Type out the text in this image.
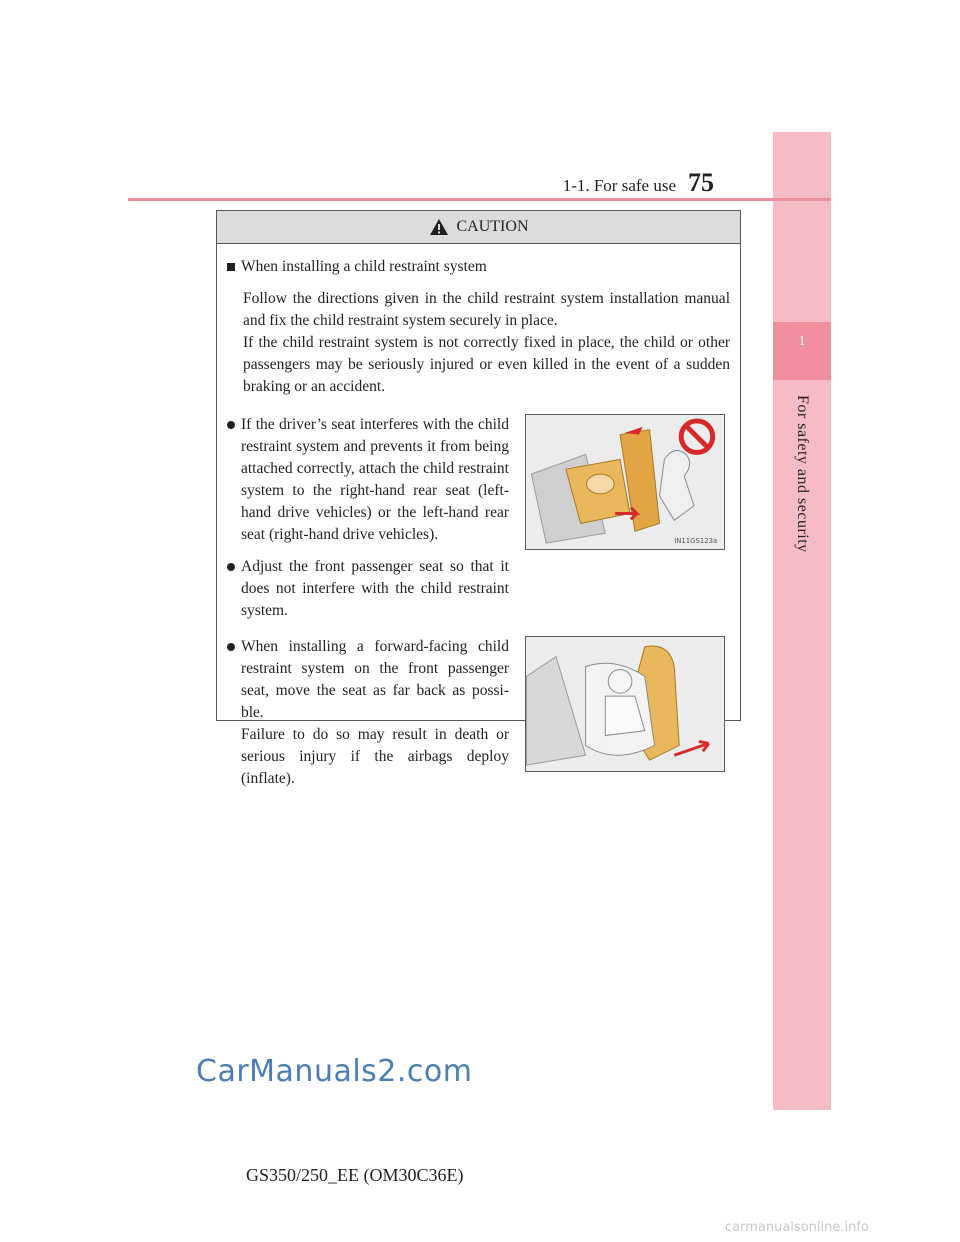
1
For safety and security
1-1. For safe use 75
CAUTION
When installing a child restraint system

Follow the directions given in the child restraint system installation manual and fix the child restraint system securely in place.

If the child restraint system is not correctly fixed in place, the child or other passengers may be seriously injured or even killed in the event of a sudden braking or an accident.

If the driver’s seat interferes with the child restraint system and prevents it from being attached correctly, attach the child restraint system to the right-hand rear seat (left-hand drive vehicles) or the left-hand rear seat (right-hand drive vehicles).
Adjust the front passenger seat so that it does not interfere with the child restraint system.
IN11GS123a
When installing a forward-facing child restraint system on the front passenger seat, move the seat as far back as possi-ble.
Failure to do so may result in death or serious injury if the airbags deploy (inflate).
CarManuals2.com
GS350/250_EE (OM30C36E)
carmanualsonline.info
